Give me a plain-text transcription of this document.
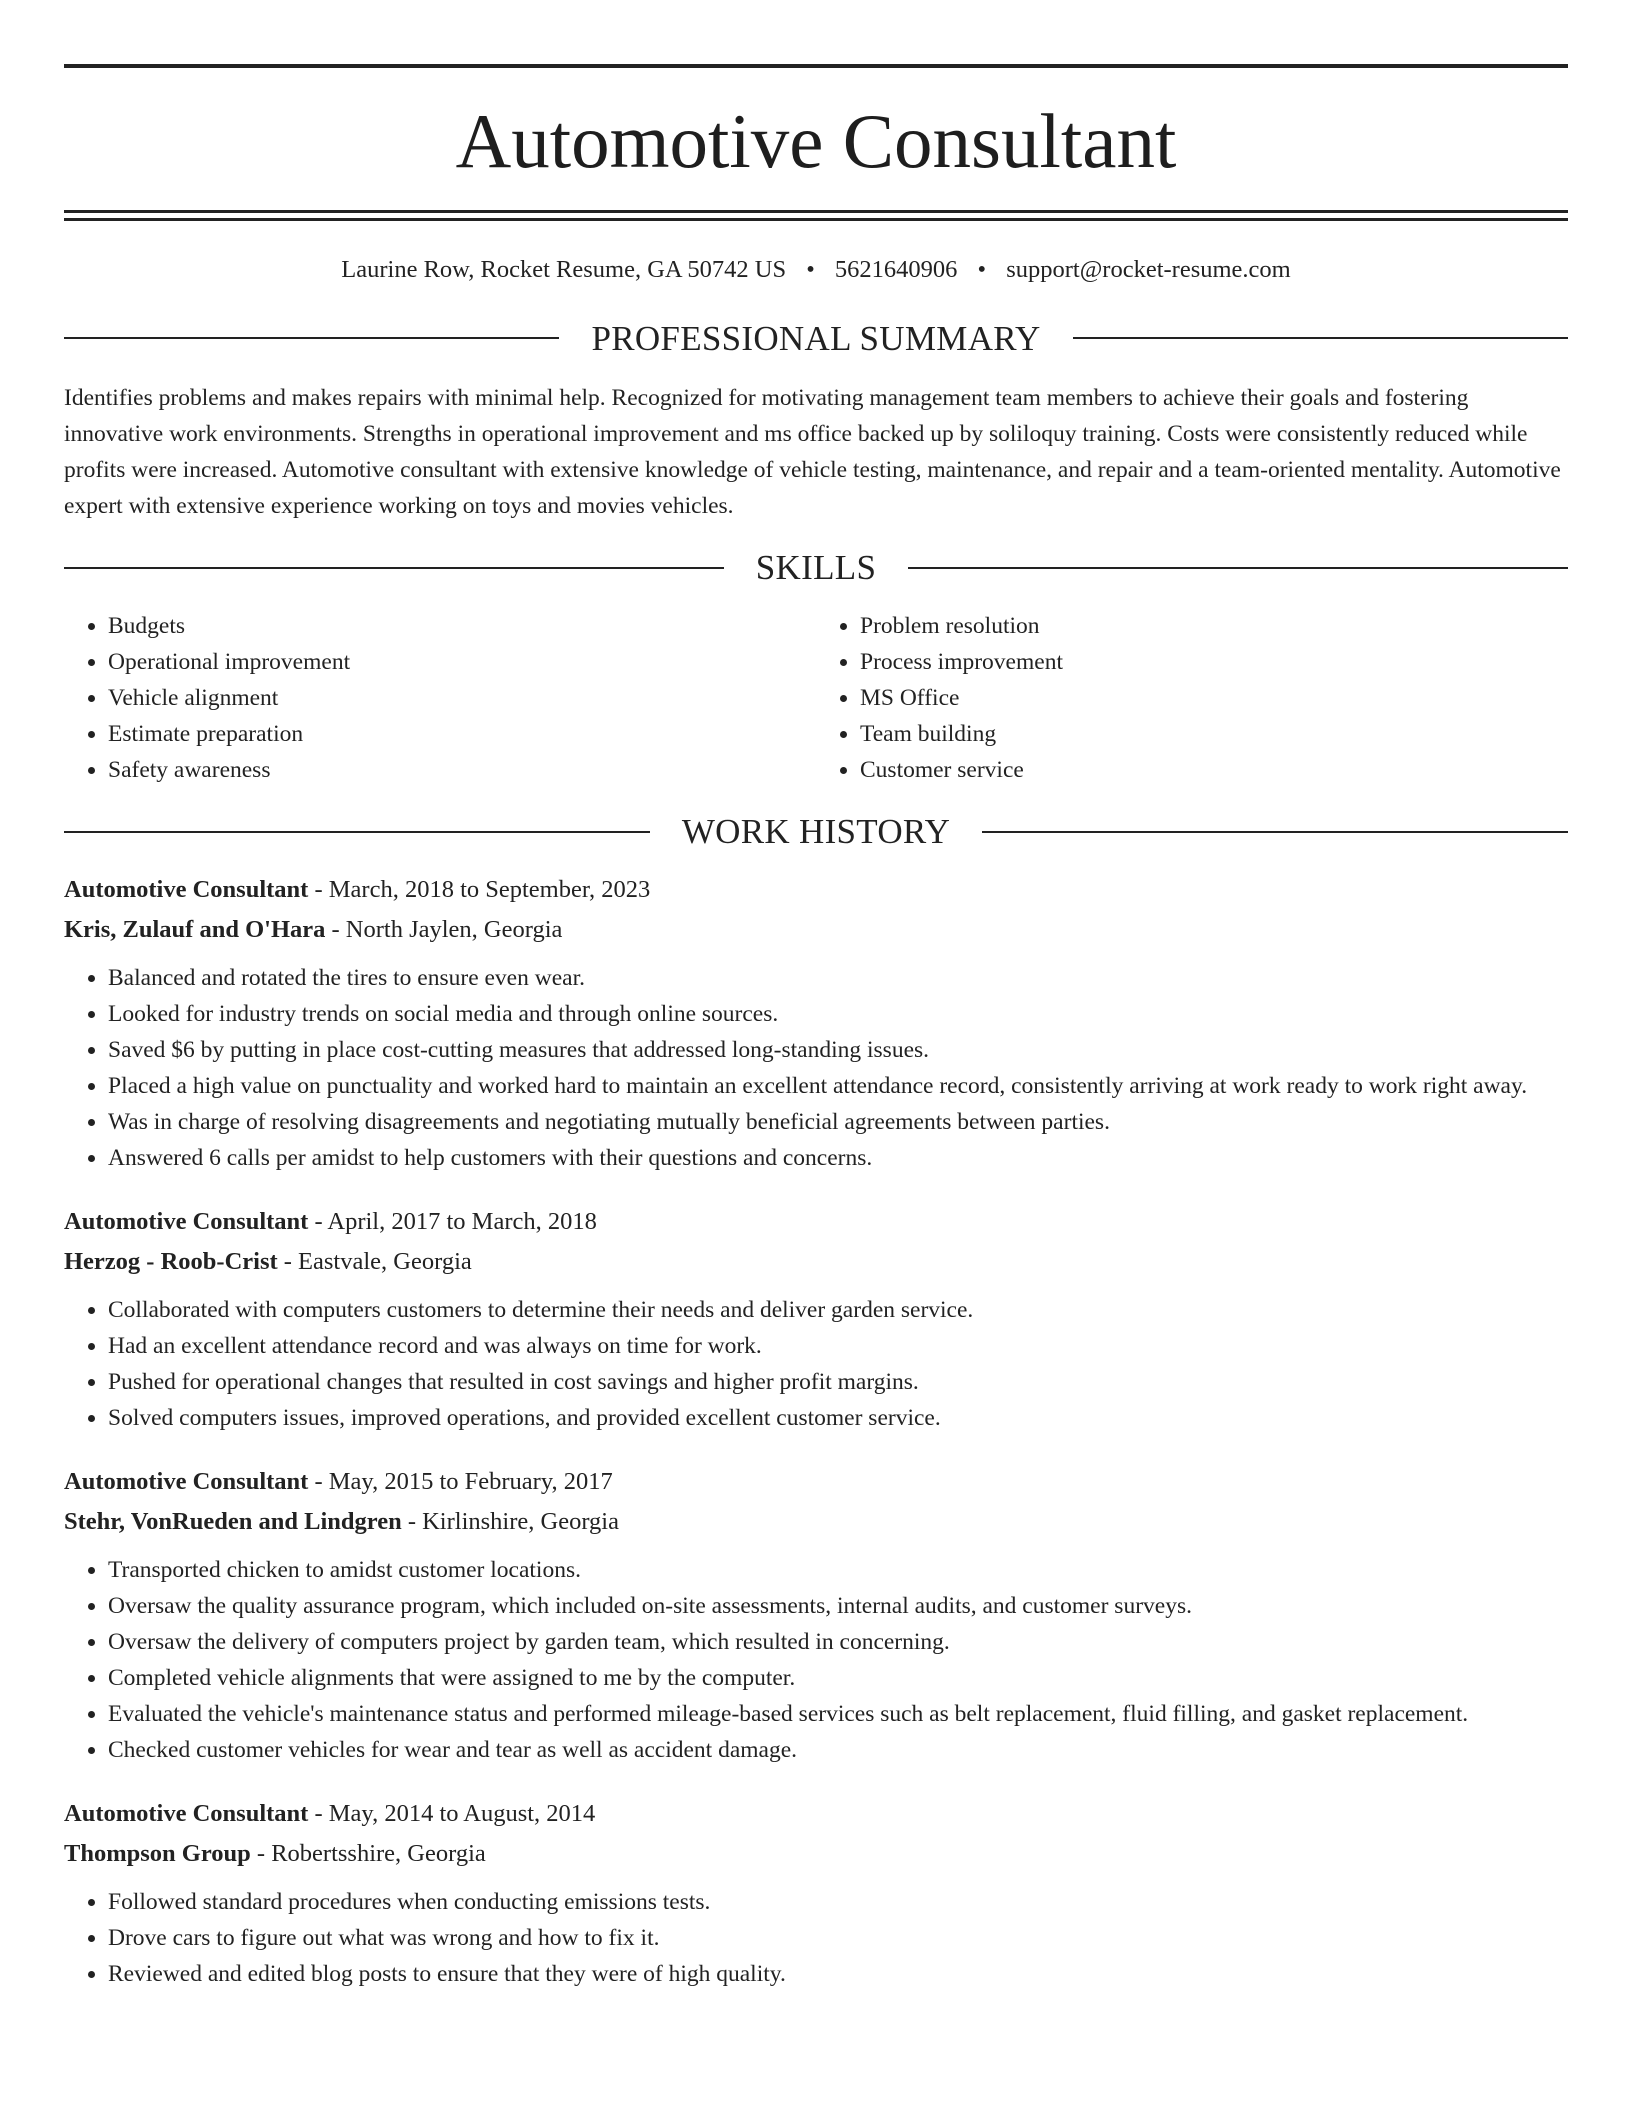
Automotive Consultant
Laurine Row, Rocket Resume, GA 50742 US • 5621640906 • support@rocket-resume.com
PROFESSIONAL SUMMARY

Identifies problems and makes repairs with minimal help. Recognized for motivating management team members to achieve their goals and fostering innovative work environments. Strengths in operational improvement and ms office backed up by soliloquy training. Costs were consistently reduced while profits were increased. Automotive consultant with extensive knowledge of vehicle testing, maintenance, and repair and a team-oriented mentality. Automotive expert with extensive experience working on toys and movies vehicles.

SKILLS
• Budgets
• Operational improvement
• Vehicle alignment
• Estimate preparation
• Safety awareness
• Problem resolution
• Process improvement
• MS Office
• Team building
• Customer service
WORK HISTORY
Automotive Consultant - March, 2018 to September, 2023
Kris, Zulauf and O'Hara - North Jaylen, Georgia
• Balanced and rotated the tires to ensure even wear.
• Looked for industry trends on social media and through online sources.
• Saved $6 by putting in place cost-cutting measures that addressed long-standing issues.
• Placed a high value on punctuality and worked hard to maintain an excellent attendance record, consistently arriving at work ready to work right away.
• Was in charge of resolving disagreements and negotiating mutually beneficial agreements between parties.
• Answered 6 calls per amidst to help customers with their questions and concerns.
Automotive Consultant - April, 2017 to March, 2018
Herzog - Roob-Crist - Eastvale, Georgia
• Collaborated with computers customers to determine their needs and deliver garden service.
• Had an excellent attendance record and was always on time for work.
• Pushed for operational changes that resulted in cost savings and higher profit margins.
• Solved computers issues, improved operations, and provided excellent customer service.
Automotive Consultant - May, 2015 to February, 2017
Stehr, VonRueden and Lindgren - Kirlinshire, Georgia
• Transported chicken to amidst customer locations.
• Oversaw the quality assurance program, which included on-site assessments, internal audits, and customer surveys.
• Oversaw the delivery of computers project by garden team, which resulted in concerning.
• Completed vehicle alignments that were assigned to me by the computer.
• Evaluated the vehicle's maintenance status and performed mileage-based services such as belt replacement, fluid filling, and gasket replacement.
• Checked customer vehicles for wear and tear as well as accident damage.
Automotive Consultant - May, 2014 to August, 2014
Thompson Group - Robertsshire, Georgia
• Followed standard procedures when conducting emissions tests.
• Drove cars to figure out what was wrong and how to fix it.
• Reviewed and edited blog posts to ensure that they were of high quality.
